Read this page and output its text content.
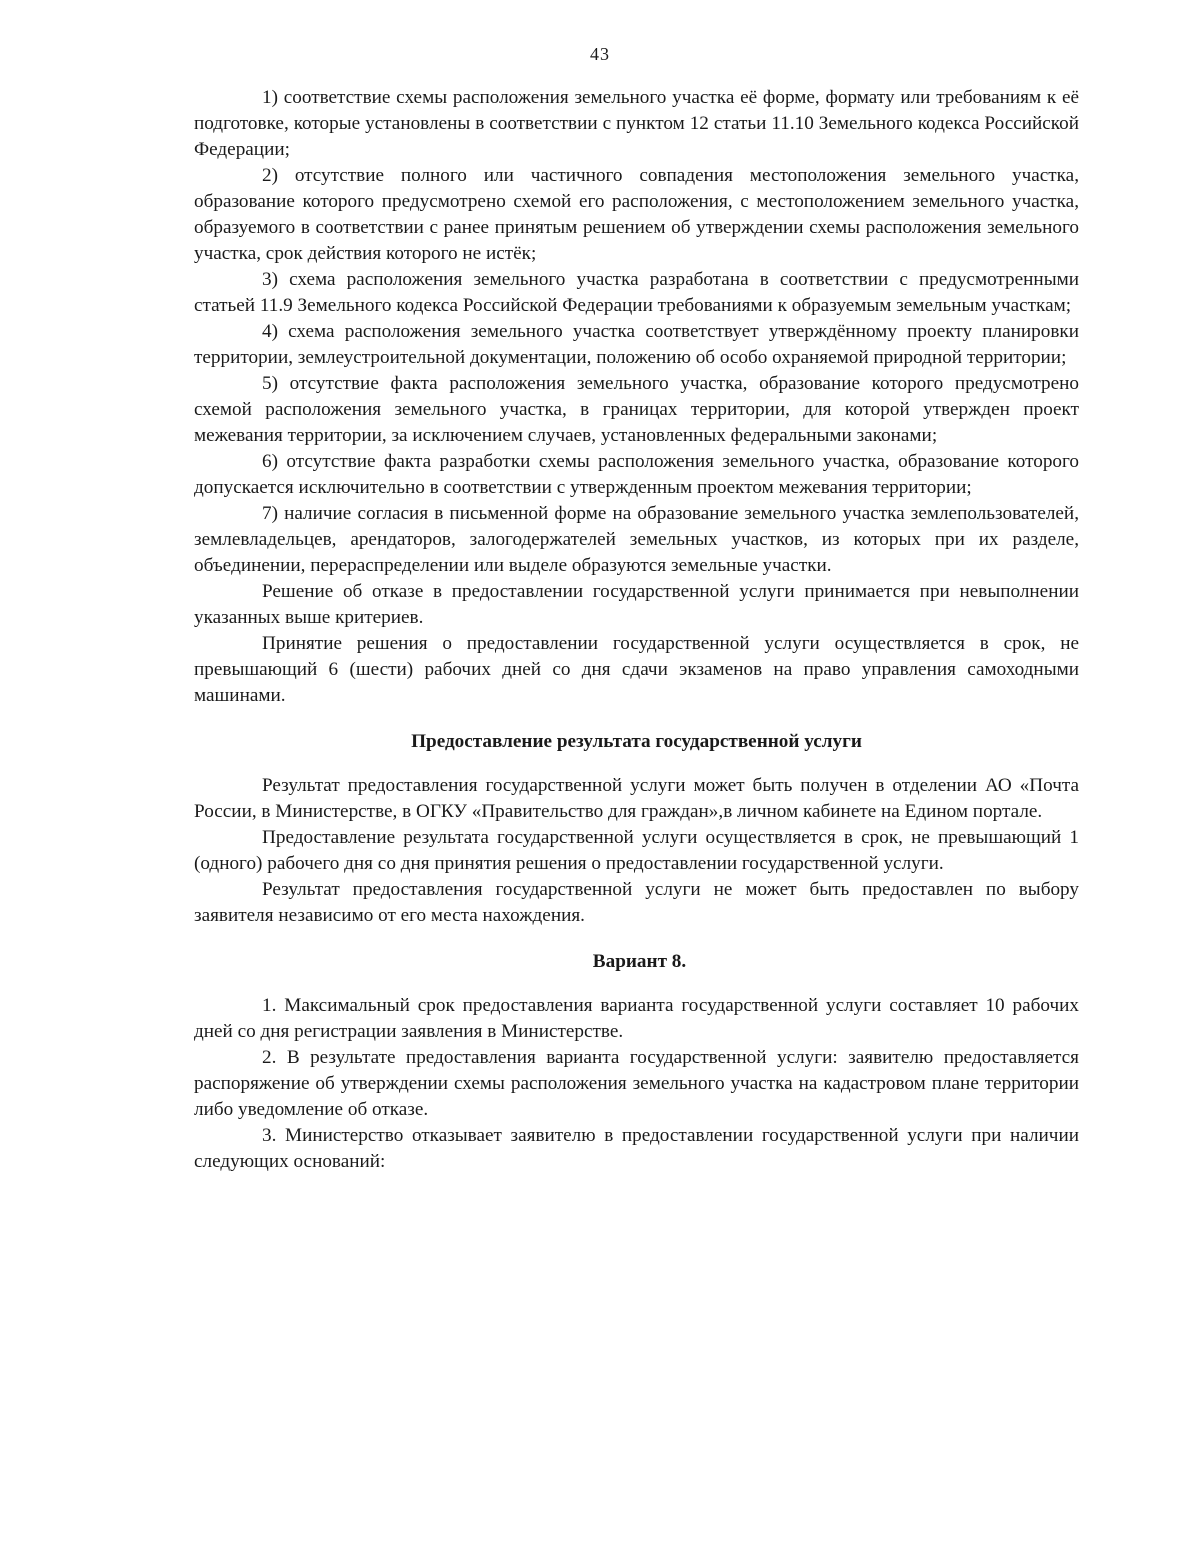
43

1) соответствие схемы расположения земельного участка её форме, формату или требованиям к её подготовке, которые установлены в соответствии с пунктом 12 статьи 11.10 Земельного кодекса Российской Федерации;

2) отсутствие полного или частичного совпадения местоположения земельного участка, образование которого предусмотрено схемой его расположения, с местоположением земельного участка, образуемого в соответствии с ранее принятым решением об утверждении схемы расположения земельного участка, срок действия которого не истёк;

3) схема расположения земельного участка разработана в соответствии с предусмотренными статьей 11.9 Земельного кодекса Российской Федерации требованиями к образуемым земельным участкам;

4) схема расположения земельного участка соответствует утверждённому проекту планировки территории, землеустроительной документации, положению об особо охраняемой природной территории;

5) отсутствие факта расположения земельного участка, образование которого предусмотрено схемой расположения земельного участка, в границах территории, для которой утвержден проект межевания территории, за исключением случаев, установленных федеральными законами;

6) отсутствие факта разработки схемы расположения земельного участка, образование которого допускается исключительно в соответствии с утвержденным проектом межевания территории;

7) наличие согласия в письменной форме на образование земельного участка землепользователей, землевладельцев, арендаторов, залогодержателей земельных участков, из которых при их разделе, объединении, перераспределении или выделе образуются земельные участки.

Решение об отказе в предоставлении государственной услуги принимается при невыполнении указанных выше критериев.

Принятие решения о предоставлении государственной услуги осуществляется в срок, не превышающий 6 (шести) рабочих дней со дня сдачи экзаменов на право управления самоходными машинами.

Предоставление результата государственной услуги

Результат предоставления государственной услуги может быть получен в отделении АО «Почта России, в Министерстве, в ОГКУ «Правительство для граждан»,в личном кабинете на Едином портале.

Предоставление результата государственной услуги осуществляется в срок, не превышающий 1 (одного) рабочего дня со дня принятия решения о предоставлении государственной услуги.

Результат предоставления государственной услуги не может быть предоставлен по выбору заявителя независимо от его места нахождения.

Вариант 8.

1. Максимальный срок предоставления варианта государственной услуги составляет 10 рабочих дней со дня регистрации заявления в Министерстве.

2. В результате предоставления варианта государственной услуги: заявителю предоставляется распоряжение об утверждении схемы расположения земельного участка на кадастровом плане территории либо уведомление об отказе.

3. Министерство отказывает заявителю в предоставлении государственной услуги при наличии следующих оснований:
